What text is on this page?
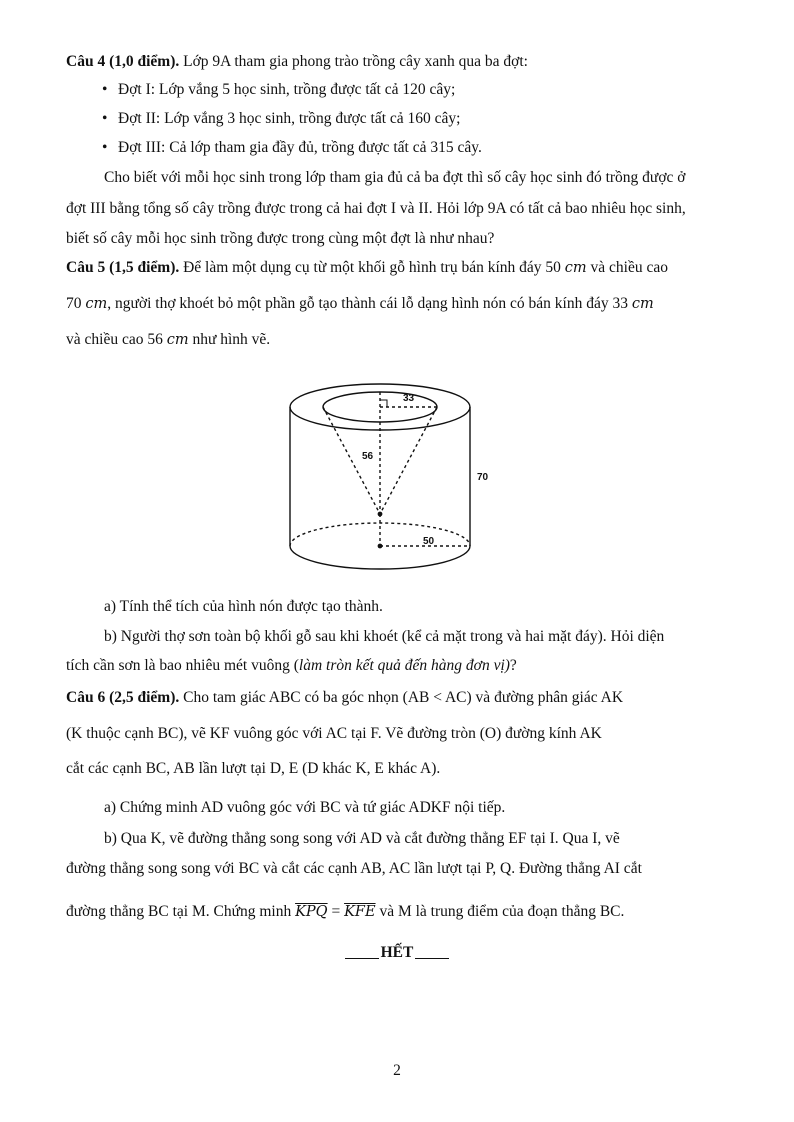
Câu 4 (1,0 điểm). Lớp 9A tham gia phong trào trồng cây xanh qua ba đợt:
• Đợt I: Lớp vắng 5 học sinh, trồng được tất cả 120 cây;
• Đợt II: Lớp vắng 3 học sinh, trồng được tất cả 160 cây;
• Đợt III: Cả lớp tham gia đầy đủ, trồng được tất cả 315 cây.
Cho biết với mỗi học sinh trong lớp tham gia đủ cả ba đợt thì số cây học sinh đó trồng được ở
đợt III bằng tổng số cây trồng được trong cả hai đợt I và II. Hỏi lớp 9A có tất cả bao nhiêu học sinh,
biết số cây mỗi học sinh trồng được trong cùng một đợt là như nhau?
Câu 5 (1,5 điểm). Để làm một dụng cụ từ một khối gỗ hình trụ bán kính đáy 50 cm và chiều cao
70 cm, người thợ khoét bỏ một phần gỗ tạo thành cái lỗ dạng hình nón có bán kính đáy 33 cm
và chiều cao 56 cm như hình vẽ.
33
56
70
50
a) Tính thể tích của hình nón được tạo thành.
b) Người thợ sơn toàn bộ khối gỗ sau khi khoét (kể cả mặt trong và hai mặt đáy). Hỏi diện
tích cần sơn là bao nhiêu mét vuông (làm tròn kết quả đến hàng đơn vị)?
Câu 6 (2,5 điểm). Cho tam giác ABC có ba góc nhọn (AB < AC) và đường phân giác AK
(K thuộc cạnh BC), vẽ KF vuông góc với AC tại F. Vẽ đường tròn (O) đường kính AK
cắt các cạnh BC, AB lần lượt tại D, E (D khác K, E khác A).
a) Chứng minh AD vuông góc với BC và tứ giác ADKF nội tiếp.
b) Qua K, vẽ đường thẳng song song với AD và cắt đường thẳng EF tại I. Qua I, vẽ
đường thẳng song song với BC và cắt các cạnh AB, AC lần lượt tại P, Q. Đường thẳng AI cắt
đường thẳng BC tại M. Chứng minh $\overline{KPQ} = \overline{KFE}$ và M là trung điểm của đoạn thẳng BC.
HẾT
2
